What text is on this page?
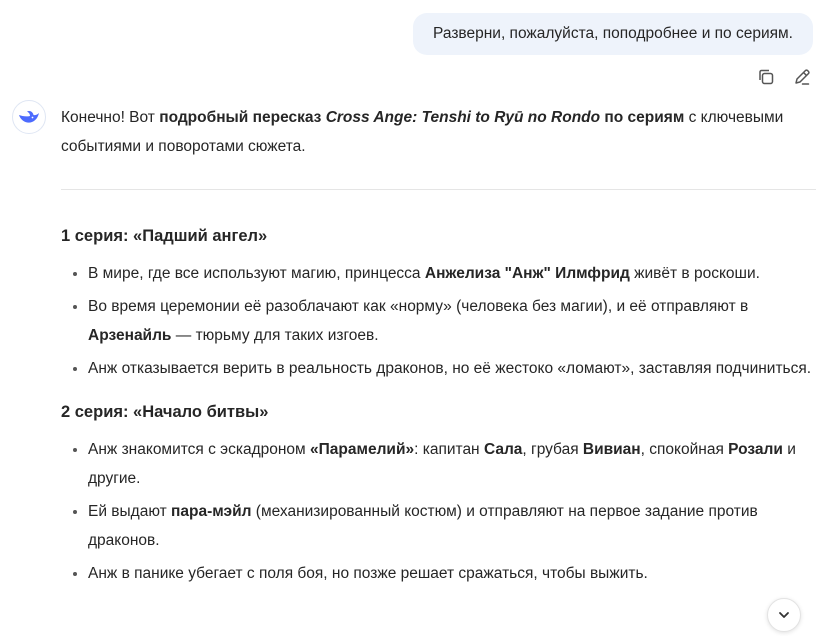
Разверни, пожалуйста, поподробнее и по сериям.

Конечно! Вот подробный пересказ Cross Ange: Tenshi to Ryū no Rondo по сериям с ключевыми событиями и поворотами сюжета.

1 серия: «Падший ангел»
• В мире, где все используют магию, принцесса Анжелиза "Анж" Илмфрид живёт в роскоши.
• Во время церемонии её разоблачают как «норму» (человека без магии), и её отправляют в Арзенайль — тюрьму для таких изгоев.
• Анж отказывается верить в реальность драконов, но её жестоко «ломают», заставляя подчиниться.
2 серия: «Начало битвы»
• Анж знакомится с эскадроном «Парамелий»: капитан Сала, грубая Вивиан, спокойная Розали и другие.
• Ей выдают пара-мэйл (механизированный костюм) и отправляют на первое задание против драконов.
• Анж в панике убегает с поля боя, но позже решает сражаться, чтобы выжить.
